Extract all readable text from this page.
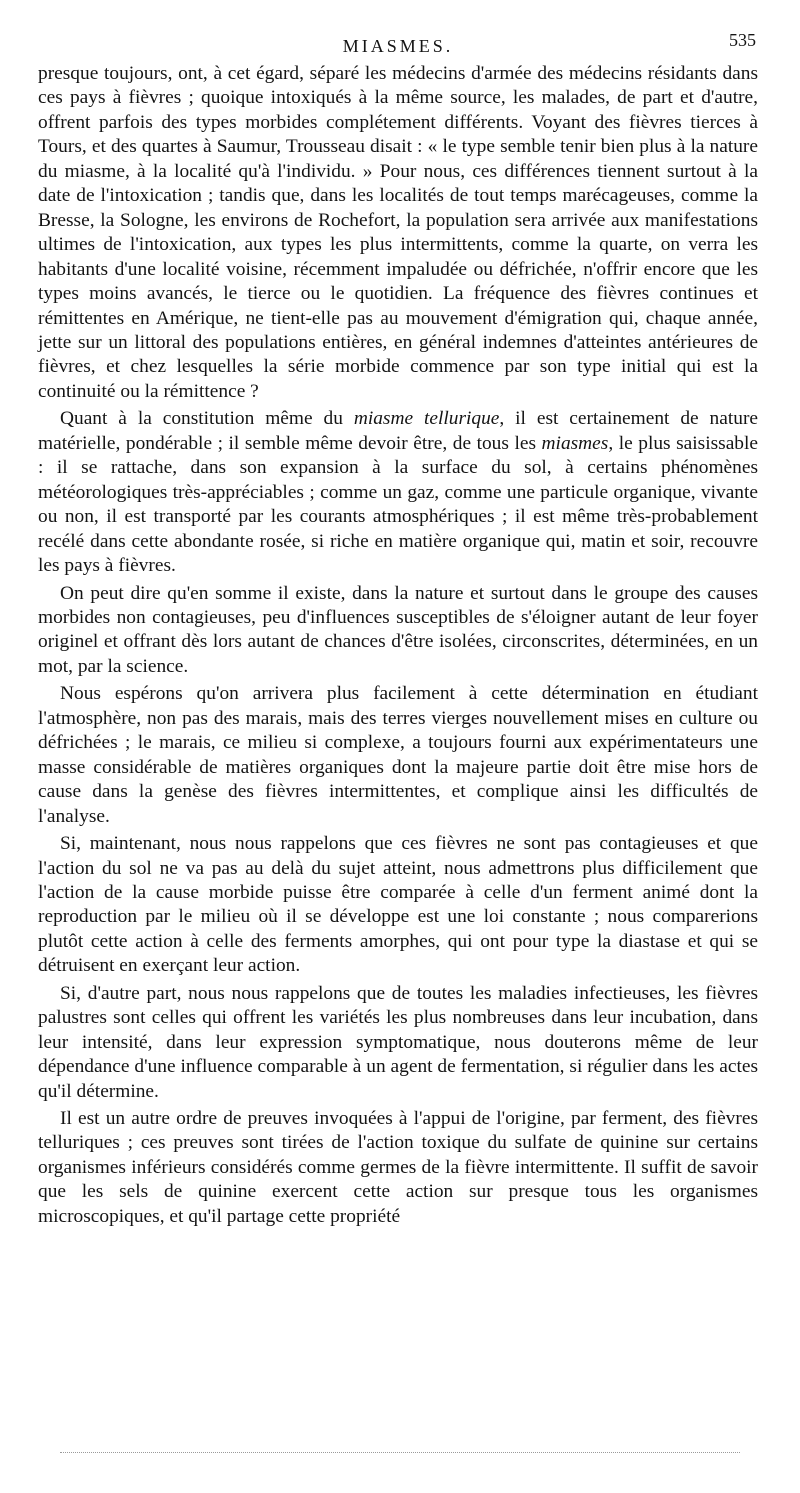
MIASMES.	535

presque toujours, ont, à cet égard, séparé les médecins d'armée des médecins résidants dans ces pays à fièvres ; quoique intoxiqués à la même source, les malades, de part et d'autre, offrent parfois des types morbides complétement différents. Voyant des fièvres tierces à Tours, et des quartes à Saumur, Trousseau disait : « le type semble tenir bien plus à la nature du miasme, à la localité qu'à l'individu. » Pour nous, ces différences tiennent surtout à la date de l'intoxication ; tandis que, dans les localités de tout temps marécageuses, comme la Bresse, la Sologne, les environs de Rochefort, la population sera arrivée aux manifestations ultimes de l'intoxication, aux types les plus intermittents, comme la quarte, on verra les habitants d'une localité voisine, récemment impaludée ou défrichée, n'offrir encore que les types moins avancés, le tierce ou le quotidien. La fréquence des fièvres continues et rémittentes en Amérique, ne tient-elle pas au mouvement d'émigration qui, chaque année, jette sur un littoral des populations entières, en général indemnes d'atteintes antérieures de fièvres, et chez lesquelles la série morbide commence par son type initial qui est la continuité ou la rémittence ?

Quant à la constitution même du miasme tellurique, il est certainement de nature matérielle, pondérable ; il semble même devoir être, de tous les miasmes, le plus saisissable : il se rattache, dans son expansion à la surface du sol, à certains phénomènes météorologiques très-appréciables ; comme un gaz, comme une particule organique, vivante ou non, il est transporté par les courants atmosphériques ; il est même très-probablement recélé dans cette abondante rosée, si riche en matière organique qui, matin et soir, recouvre les pays à fièvres.

On peut dire qu'en somme il existe, dans la nature et surtout dans le groupe des causes morbides non contagieuses, peu d'influences susceptibles de s'éloigner autant de leur foyer originel et offrant dès lors autant de chances d'être isolées, circonscrites, déterminées, en un mot, par la science.

Nous espérons qu'on arrivera plus facilement à cette détermination en étudiant l'atmosphère, non pas des marais, mais des terres vierges nouvellement mises en culture ou défrichées ; le marais, ce milieu si complexe, a toujours fourni aux expérimentateurs une masse considérable de matières organiques dont la majeure partie doit être mise hors de cause dans la genèse des fièvres intermittentes, et complique ainsi les difficultés de l'analyse.

Si, maintenant, nous nous rappelons que ces fièvres ne sont pas contagieuses et que l'action du sol ne va pas au delà du sujet atteint, nous admettrons plus difficilement que l'action de la cause morbide puisse être comparée à celle d'un ferment animé dont la reproduction par le milieu où il se développe est une loi constante ; nous comparerions plutôt cette action à celle des ferments amorphes, qui ont pour type la diastase et qui se détruisent en exerçant leur action.

Si, d'autre part, nous nous rappelons que de toutes les maladies infectieuses, les fièvres palustres sont celles qui offrent les variétés les plus nombreuses dans leur incubation, dans leur intensité, dans leur expression symptomatique, nous douterons même de leur dépendance d'une influence comparable à un agent de fermentation, si régulier dans les actes qu'il détermine.

Il est un autre ordre de preuves invoquées à l'appui de l'origine, par ferment, des fièvres telluriques ; ces preuves sont tirées de l'action toxique du sulfate de quinine sur certains organismes inférieurs considérés comme germes de la fièvre intermittente. Il suffit de savoir que les sels de quinine exercent cette action sur presque tous les organismes microscopiques, et qu'il partage cette propriété
